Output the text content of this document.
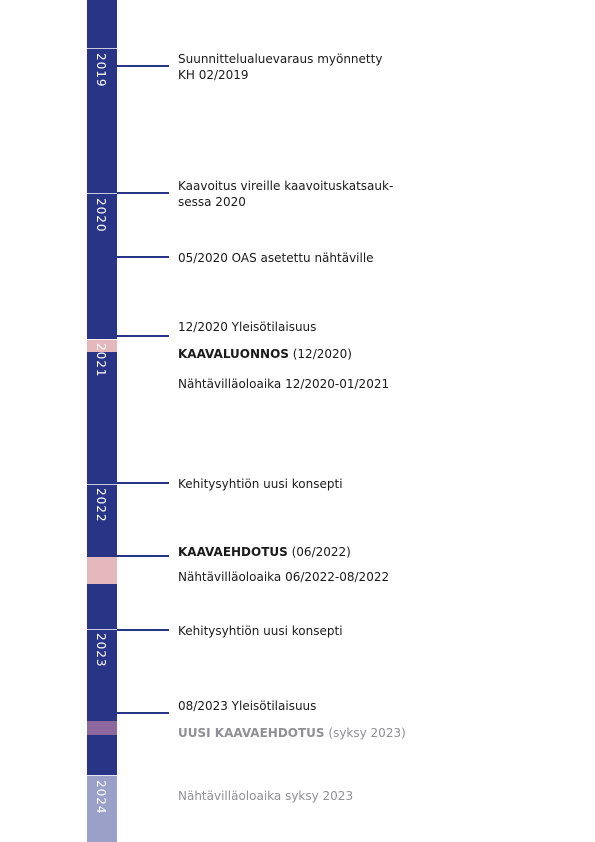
2019
2020
2021
2022
2023
2024
Suunnittelualuevaraus myönnetty
KH 02/2019
Kaavoitus vireille kaavoituskatsauk-
sessa 2020
05/2020 OAS asetettu nähtäville
12/2020 Yleisötilaisuus
KAAVALUONNOS (12/2020)
Nähtävilläoloaika 12/2020-01/2021
Kehitysyhtiön uusi konsepti
KAAVAEHDOTUS (06/2022)
Nähtävilläoloaika 06/2022-08/2022
Kehitysyhtiön uusi konsepti
08/2023 Yleisötilaisuus
UUSI KAAVAEHDOTUS (syksy 2023)
Nähtävilläoloaika syksy 2023
